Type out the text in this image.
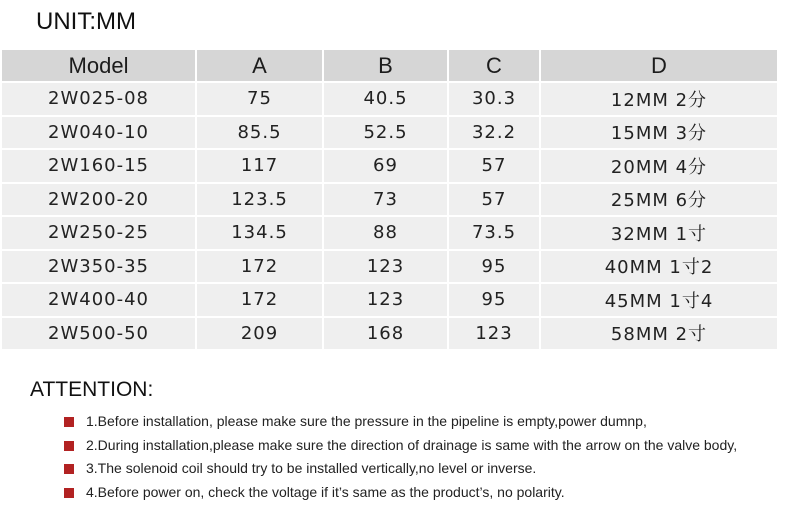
UNIT:MM
Model	A	B	C	D
2W025-08	75	40.5	30.3	12MM 2分
2W040-10	85.5	52.5	32.2	15MM 3分
2W160-15	117	69	57	20MM 4分
2W200-20	123.5	73	57	25MM 6分
2W250-25	134.5	88	73.5	32MM 1寸
2W350-35	172	123	95	40MM 1寸2
2W400-40	172	123	95	45MM 1寸4
2W500-50	209	168	123	58MM 2寸
ATTENTION:
1.Before installation, please make sure the pressure in the pipeline is empty,power dumnp,
2.During installation,please make sure the direction of drainage is same with the arrow on the valve body,
3.The solenoid coil should try to be installed vertically,no level or inverse.
4.Before power on, check the voltage if it’s same as the product’s, no polarity.
